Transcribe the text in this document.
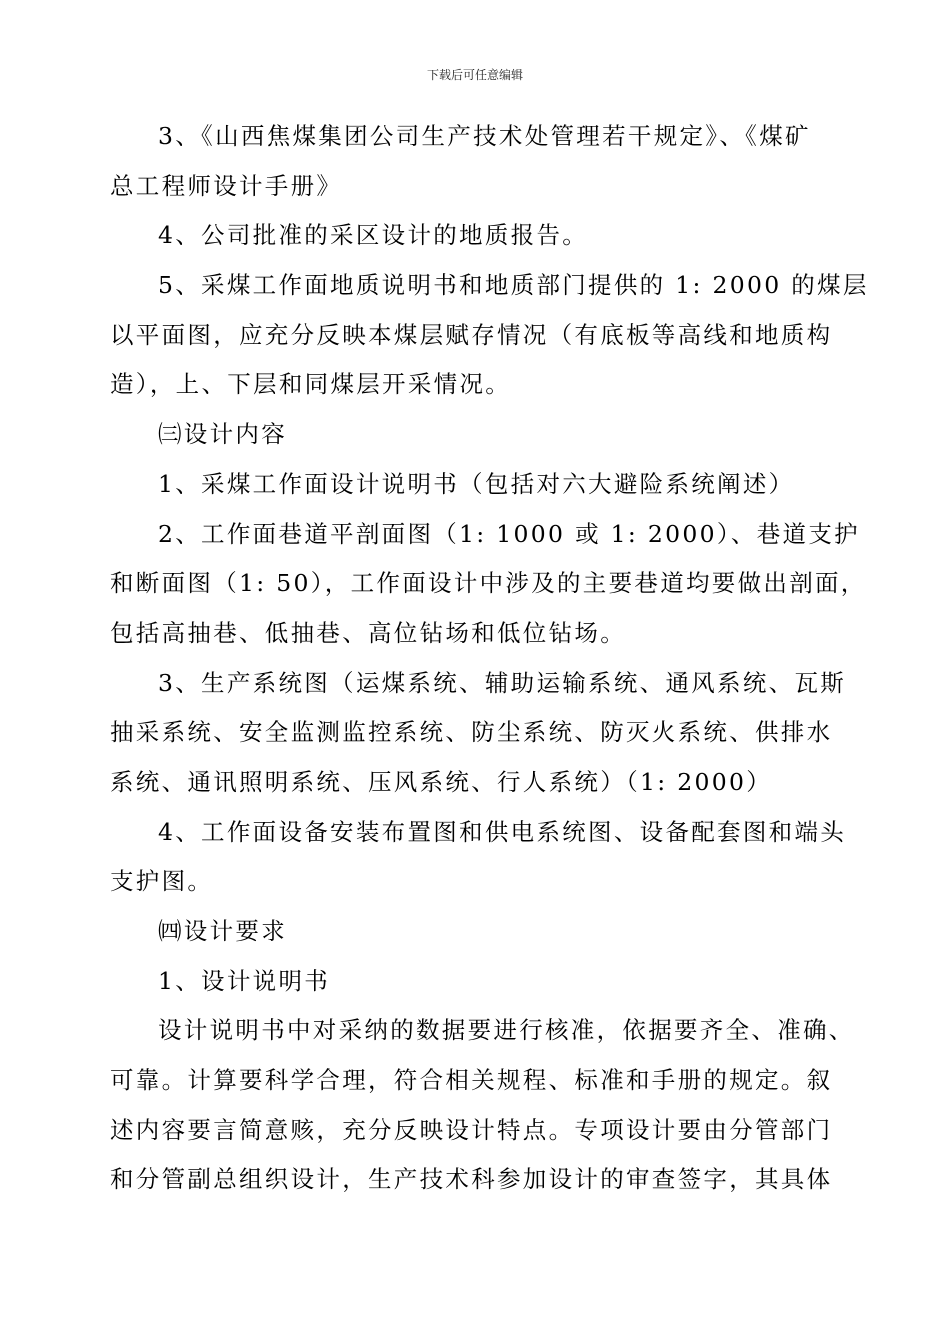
下载后可任意编辑
3、《山西焦煤集团公司生产技术处管理若干规定》、《煤矿
总工程师设计手册》
4、公司批准的采区设计的地质报告。
5、采煤工作面地质说明书和地质部门提供的 1: 2000 的煤层
以平面图，应充分反映本煤层赋存情况（有底板等高线和地质构
造），上、下层和同煤层开采情况。
㈢设计内容
1、采煤工作面设计说明书（包括对六大避险系统阐述）
2、工作面巷道平剖面图（1: 1000 或 1: 2000）、巷道支护
和断面图（1: 50），工作面设计中涉及的主要巷道均要做出剖面，
包括高抽巷、低抽巷、高位钻场和低位钻场。
3、生产系统图（运煤系统、辅助运输系统、通风系统、瓦斯
抽采系统、安全监测监控系统、防尘系统、防灭火系统、供排水
系统、通讯照明系统、压风系统、行人系统）（1: 2000）
4、工作面设备安装布置图和供电系统图、设备配套图和端头
支护图。
㈣设计要求
1、设计说明书
设计说明书中对采纳的数据要进行核准，依据要齐全、准确、
可靠。计算要科学合理，符合相关规程、标准和手册的规定。叙
述内容要言简意赅，充分反映设计特点。专项设计要由分管部门
和分管副总组织设计，生产技术科参加设计的审查签字，其具体
